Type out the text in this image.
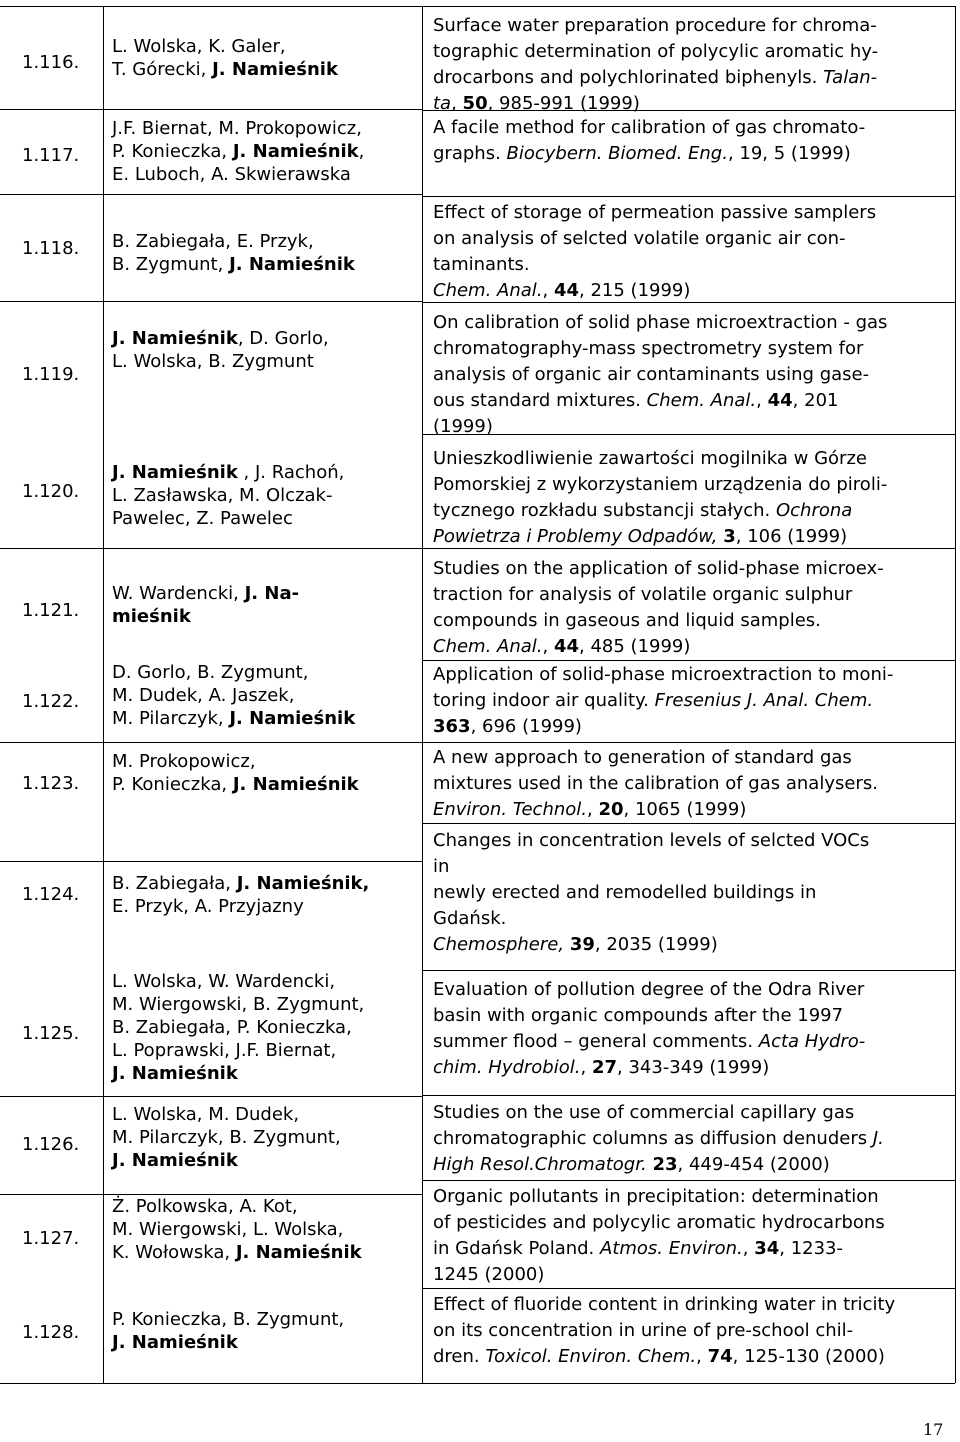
1.116.
L. Wolska, K. Galer,
T. Górecki, J. Namieśnik
Surface water preparation procedure for chroma-
tographic determination of polycylic aromatic hy-
drocarbons and polychlorinated biphenyls. Talan-
ta, 50, 985-991 (1999)
1.117.
J.F. Biernat, M. Prokopowicz,
P. Konieczka, J. Namieśnik,
E. Luboch, A. Skwierawska
A facile method for calibration of gas chromato-
graphs. Biocybern. Biomed. Eng., 19, 5 (1999)
1.118. B. Zabiegała, E. Przyk,
B. Zygmunt, J. Namieśnik
Effect of storage of permeation passive samplers
on analysis of selcted volatile organic air con-
taminants.
Chem. Anal., 44, 215 (1999)
1.119.
J. Namieśnik, D. Gorlo,
L. Wolska, B. Zygmunt
On calibration of solid phase microextraction - gas
chromatography-mass spectrometry system for
analysis of organic air contaminants using gase-
ous standard mixtures. Chem. Anal., 44, 201
(1999)
1.120.
J. Namieśnik , J. Rachoń,
L. Zasławska, M. Olczak-
Pawelec, Z. Pawelec
Unieszkodliwienie zawartości mogilnika w Górze
Pomorskiej z wykorzystaniem urządzenia do piroli-
tycznego rozkładu substancji stałych. Ochrona
Powietrza i Problemy Odpadów, 3, 106 (1999)
1.121.
W. Wardencki, J. Na-
mieśnik
Studies on the application of solid-phase microex-
traction for analysis of volatile organic sulphur
compounds in gaseous and liquid samples.
Chem. Anal., 44, 485 (1999)
1.122.
D. Gorlo, B. Zygmunt,
M. Dudek, A. Jaszek,
M. Pilarczyk, J. Namieśnik
Application of solid-phase microextraction to moni-
toring indoor air quality. Fresenius J. Anal. Chem.
363, 696 (1999)
1.123.
M. Prokopowicz,
P. Konieczka, J. Namieśnik
A new approach to generation of standard gas
mixtures used in the calibration of gas analysers.
Environ. Technol., 20, 1065 (1999)
1.124.
B. Zabiegała, J. Namieśnik,
E. Przyk, A. Przyjazny
Changes in concentration levels of selcted VOCs
in
newly erected and remodelled buildings in
Gdańsk.
Chemosphere, 39, 2035 (1999)
1.125.
L. Wolska, W. Wardencki,
M. Wiergowski, B. Zygmunt,
B. Zabiegała, P. Konieczka,
L. Poprawski, J.F. Biernat,
J. Namieśnik
Evaluation of pollution degree of the Odra River
basin with organic compounds after the 1997
summer flood – general comments. Acta Hydro-
chim. Hydrobiol., 27, 343-349 (1999)
1.126.
L. Wolska, M. Dudek,
M. Pilarczyk, B. Zygmunt,
J. Namieśnik
Studies on the use of commercial capillary gas
chromatographic columns as diffusion denuders J.
High Resol.Chromatogr. 23, 449-454 (2000)
1.127.
Ż. Polkowska, A. Kot,
M. Wiergowski, L. Wolska,
K. Wołowska, J. Namieśnik
Organic pollutants in precipitation: determination
of pesticides and polycylic aromatic hydrocarbons
in Gdańsk Poland. Atmos. Environ., 34, 1233-
1245 (2000)
1.128.
P. Konieczka, B. Zygmunt,
J. Namieśnik
Effect of fluoride content in drinking water in tricity
on its concentration in urine of pre-school chil-
dren. Toxicol. Environ. Chem., 74, 125-130 (2000)
17
